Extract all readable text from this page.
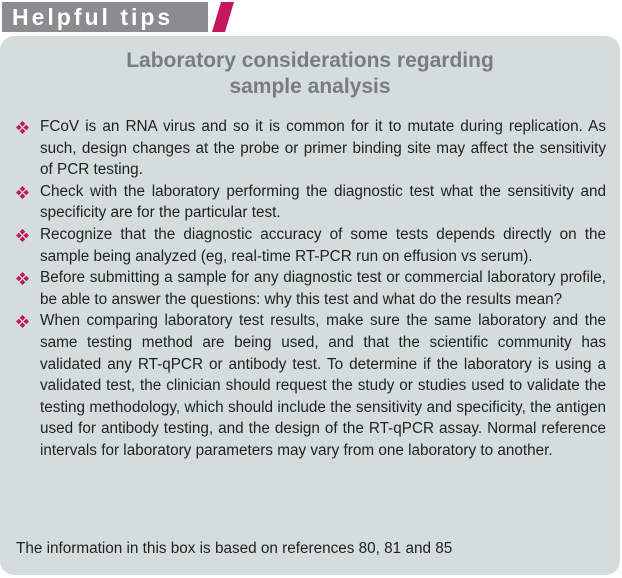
Helpful tips
Laboratory considerations regarding
sample analysis
FCoV is an RNA virus and so it is common for it to mutate during replication. As such, design changes at the probe or primer binding site may affect the sensitivity of PCR testing.
Check with the laboratory performing the diagnostic test what the sensitivity and specificity are for the particular test.
Recognize that the diagnostic accuracy of some tests depends directly on the sample being analyzed (eg, real-time RT-PCR run on effusion vs serum).
Before submitting a sample for any diagnostic test or commercial laboratory profile, be able to answer the questions: why this test and what do the results mean?
When comparing laboratory test results, make sure the same laboratory and the same testing method are being used, and that the scientific community has validated any RT-qPCR or antibody test. To determine if the laboratory is using a validated test, the clinician should request the study or studies used to validate the testing methodology, which should include the sensitivity and specificity, the antigen used for antibody testing, and the design of the RT-qPCR assay. Normal reference intervals for laboratory parameters may vary from one laboratory to another.
The information in this box is based on references 80, 81 and 85
